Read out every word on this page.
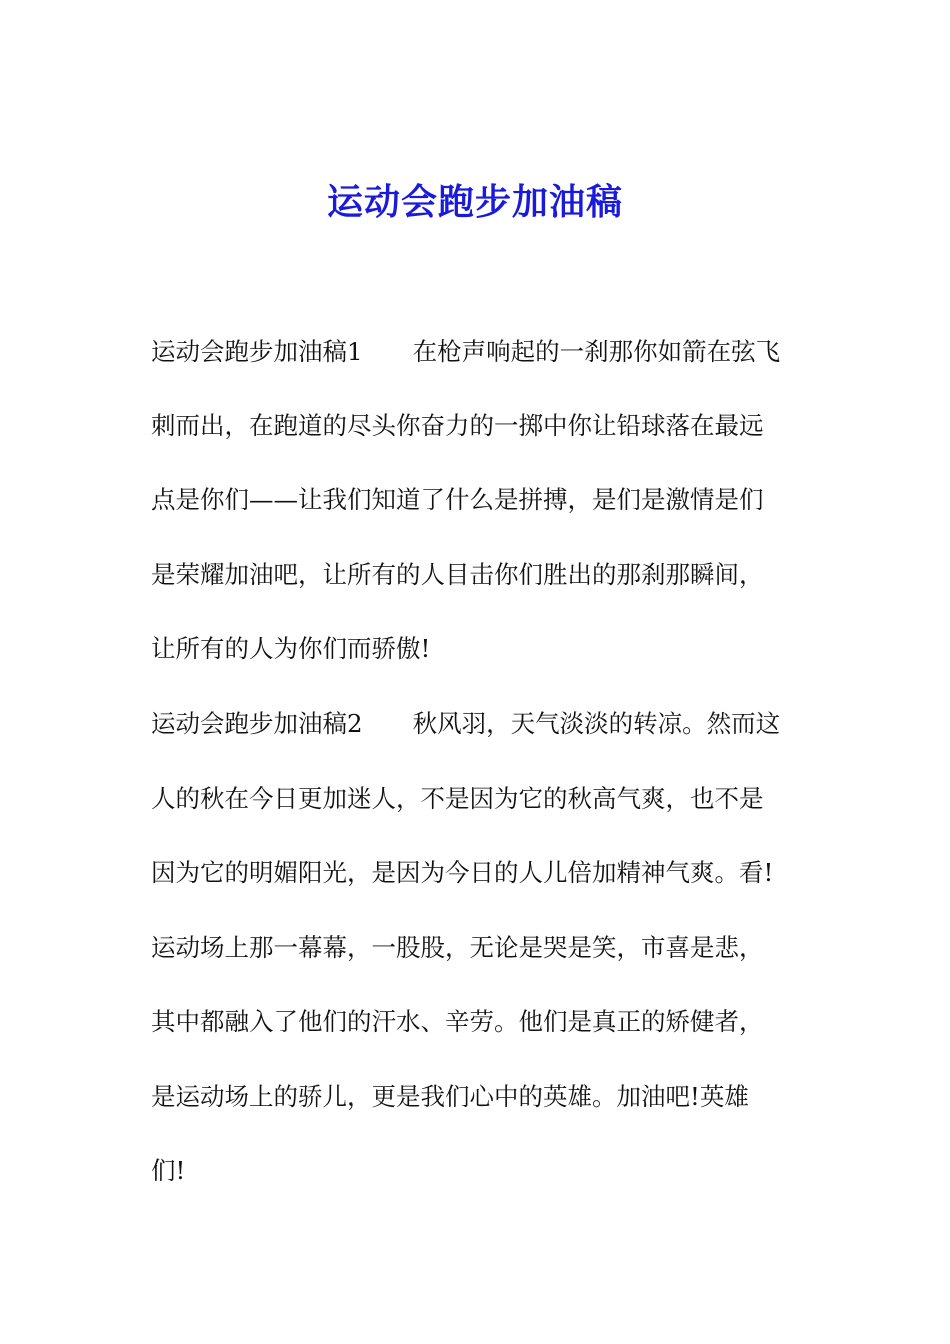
运动会跑步加油稿

运动会跑步加油稿1 在枪声响起的一刹那你如箭在弦飞

刺而出，在跑道的尽头你奋力的一掷中你让铅球落在最远

点是你们——让我们知道了什么是拼搏，是们是激情是们

是荣耀加油吧，让所有的人目击你们胜出的那刹那瞬间，

让所有的人为你们而骄傲!

运动会跑步加油稿2 秋风羽，天气淡淡的转凉。然而这

人的秋在今日更加迷人，不是因为它的秋高气爽，也不是

因为它的明媚阳光，是因为今日的人儿倍加精神气爽。看!

运动场上那一幕幕，一股股，无论是哭是笑，市喜是悲，

其中都融入了他们的汗水、辛劳。他们是真正的矫健者，

是运动场上的骄儿，更是我们心中的英雄。加油吧!英雄

们!
